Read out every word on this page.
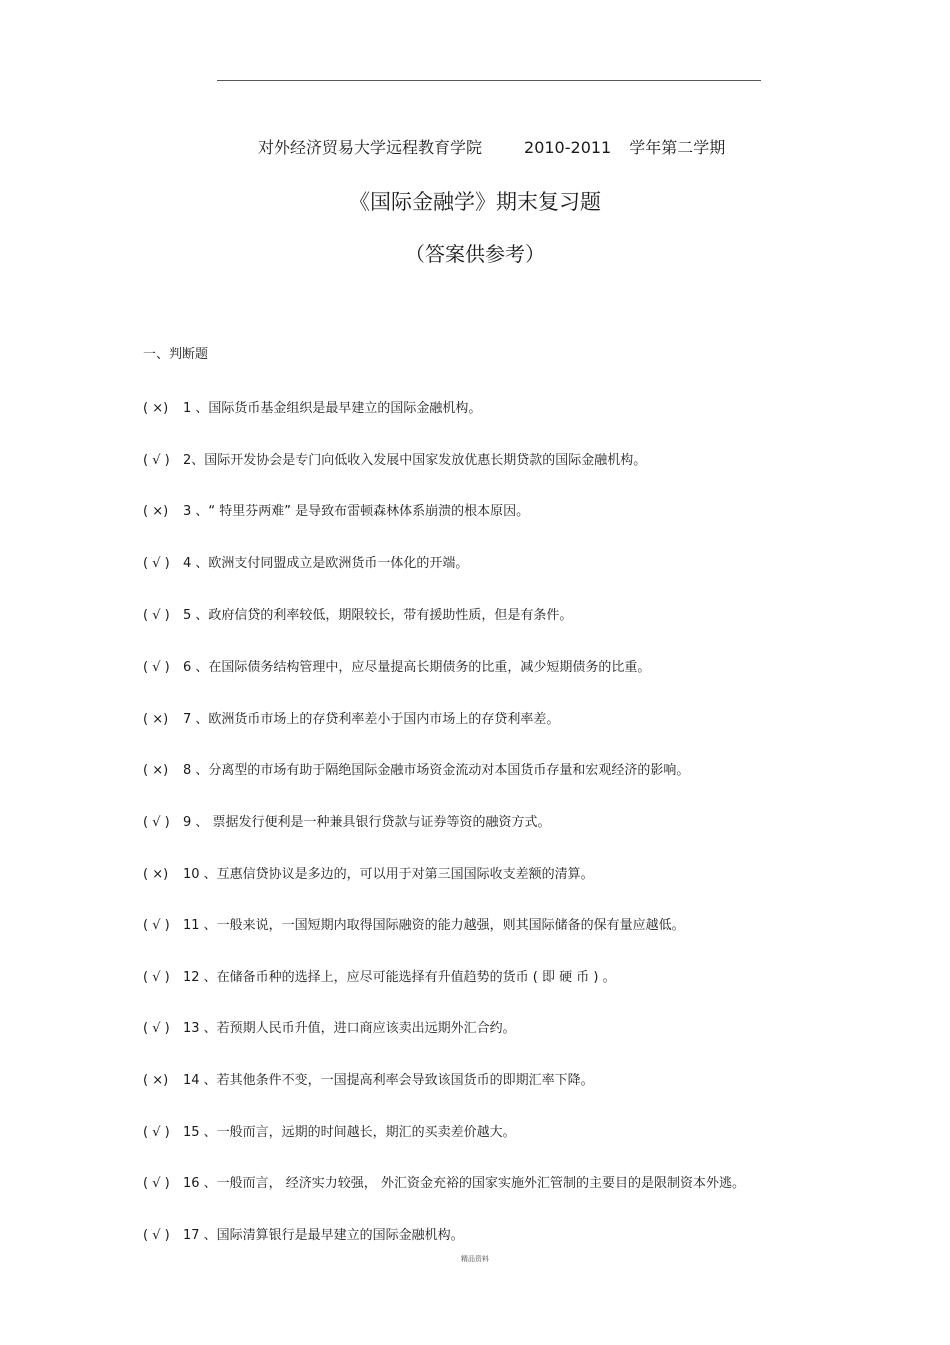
对外经济贸易大学远程教育学院	2010-2011 学年第二学期
《国际金融学》期末复习题
（答案供参考）
一、判断题
( ×) 1 、国际货币基金组织是最早建立的国际金融机构。
( √ ) 2、国际开发协会是专门向低收入发展中国家发放优惠长期贷款的国际金融机构。
( ×) 3 、“ 特里芬两难” 是导致布雷顿森林体系崩溃的根本原因。
( √ ) 4 、欧洲支付同盟成立是欧洲货币一体化的开端。
( √ ) 5 、政府信贷的利率较低，期限较长，带有援助性质，但是有条件。
( √ ) 6 、在国际债务结构管理中，应尽量提高长期债务的比重，减少短期债务的比重。
( ×) 7 、欧洲货币市场上的存贷利率差小于国内市场上的存贷利率差。
( ×) 8 、分离型的市场有助于隔绝国际金融市场资金流动对本国货币存量和宏观经济的影响。
( √ ) 9 、 票据发行便利是一种兼具银行贷款与证券等资的融资方式。
( ×) 10 、互惠信贷协议是多边的，可以用于对第三国国际收支差额的清算。
( √ ) 11 、一般来说，一国短期内取得国际融资的能力越强，则其国际储备的保有量应越低。
( √ ) 12 、在储备币种的选择上，应尽可能选择有升值趋势的货币 ( 即 硬 币 ) 。
( √ ) 13 、若预期人民币升值，进口商应该卖出远期外汇合约。
( ×) 14 、若其他条件不变，一国提高利率会导致该国货币的即期汇率下降。
( √ ) 15 、一般而言，远期的时间越长，期汇的买卖差价越大。
( √ ) 16 、一般而言， 经济实力较强， 外汇资金充裕的国家实施外汇管制的主要目的是限制资本外逃。
( √ ) 17 、国际清算银行是最早建立的国际金融机构。
精品资料
